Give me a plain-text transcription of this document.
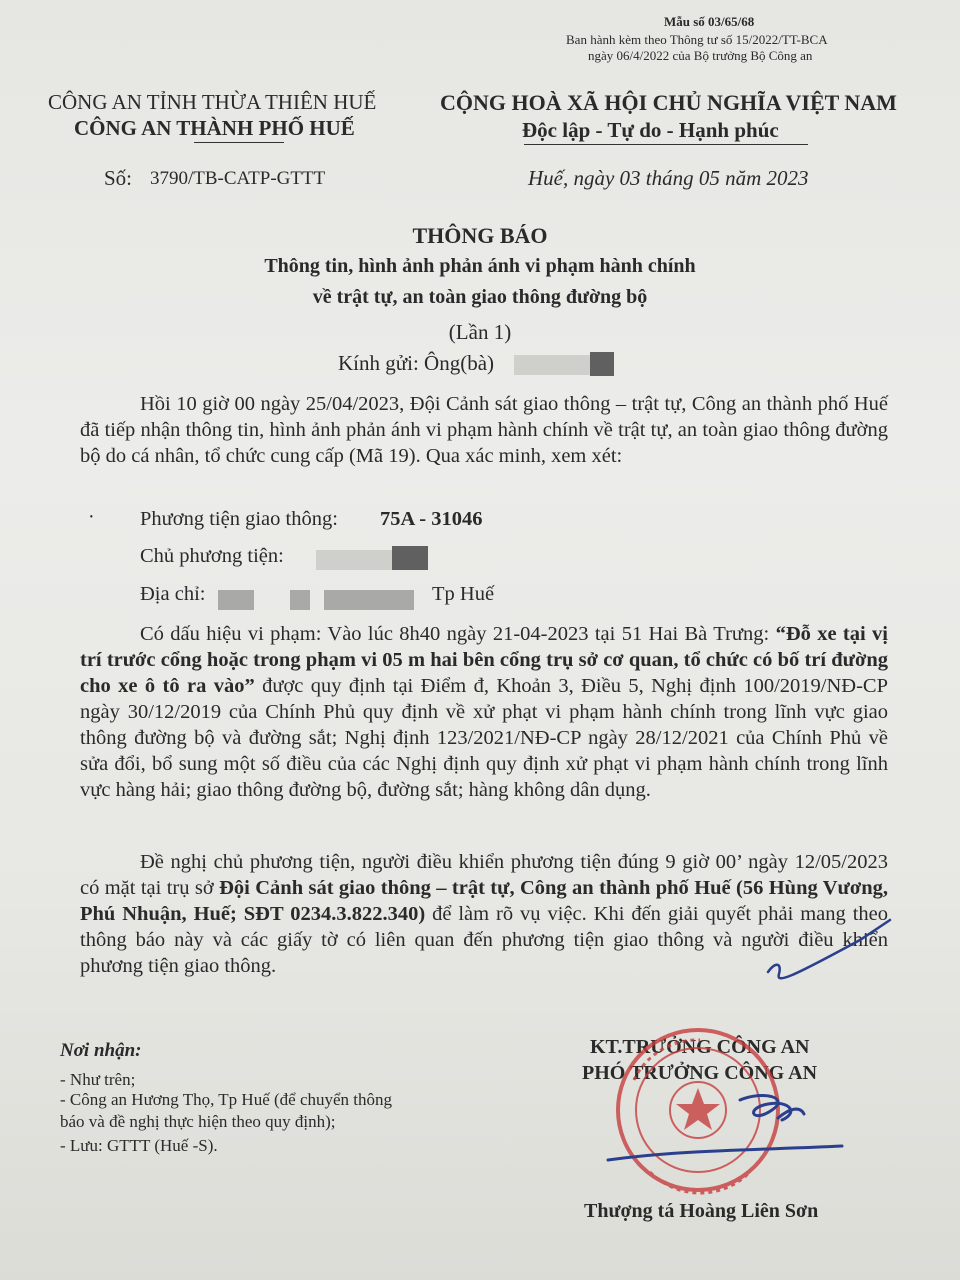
Mẫu số 03/65/68
Ban hành kèm theo Thông tư số 15/2022/TT-BCA
ngày 06/4/2022 của Bộ trưởng Bộ Công an
CÔNG AN TỈNH THỪA THIÊN HUẾ
CÔNG AN THÀNH PHỐ HUẾ
CỘNG HOÀ XÃ HỘI CHỦ NGHĨA VIỆT NAM
Độc lập - Tự do - Hạnh phúc
Số: 3790/TB-CATP-GTTT	Huế, ngày 03 tháng 05 năm 2023
THÔNG BÁO
Thông tin, hình ảnh phản ánh vi phạm hành chính
về trật tự, an toàn giao thông đường bộ
(Lần 1)
Kính gửi: Ông(bà)

Hồi 10 giờ 00 ngày 25/04/2023, Đội Cảnh sát giao thông – trật tự, Công an thành phố Huế đã tiếp nhận thông tin, hình ảnh phản ánh vi phạm hành chính về trật tự, an toàn giao thông đường bộ do cá nhân, tổ chức cung cấp (Mã 19). Qua xác minh, xem xét:

· Phương tiện giao thông: 75A - 31046
Chủ phương tiện:
Địa chỉ:	Tp Huế

Có dấu hiệu vi phạm: Vào lúc 8h40 ngày 21-04-2023 tại 51 Hai Bà Trưng: “Đỗ xe tại vị trí trước cổng hoặc trong phạm vi 05 m hai bên cổng trụ sở cơ quan, tổ chức có bố trí đường cho xe ô tô ra vào” được quy định tại Điểm đ, Khoản 3, Điều 5, Nghị định 100/2019/NĐ-CP ngày 30/12/2019 của Chính Phủ quy định về xử phạt vi phạm hành chính trong lĩnh vực giao thông đường bộ và đường sắt; Nghị định 123/2021/NĐ-CP ngày 28/12/2021 của Chính Phủ về sửa đổi, bổ sung một số điều của các Nghị định quy định xử phạt vi phạm hành chính trong lĩnh vực hàng hải; giao thông đường bộ, đường sắt; hàng không dân dụng.

Đề nghị chủ phương tiện, người điều khiển phương tiện đúng 9 giờ 00’ ngày 12/05/2023 có mặt tại trụ sở Đội Cảnh sát giao thông – trật tự, Công an thành phố Huế (56 Hùng Vương, Phú Nhuận, Huế; SĐT 0234.3.822.340) để làm rõ vụ việc. Khi đến giải quyết phải mang theo thông báo này và các giấy tờ có liên quan đến phương tiện giao thông và người điều khiển phương tiện giao thông.

Nơi nhận:
- Như trên;
- Công an Hương Thọ, Tp Huế (để chuyển thông
báo và đề nghị thực hiện theo quy định);
- Lưu: GTTT (Huế -S).
KT.TRƯỞNG CÔNG AN
PHÓ TRƯỞNG CÔNG AN
Thượng tá Hoàng Liên Sơn
